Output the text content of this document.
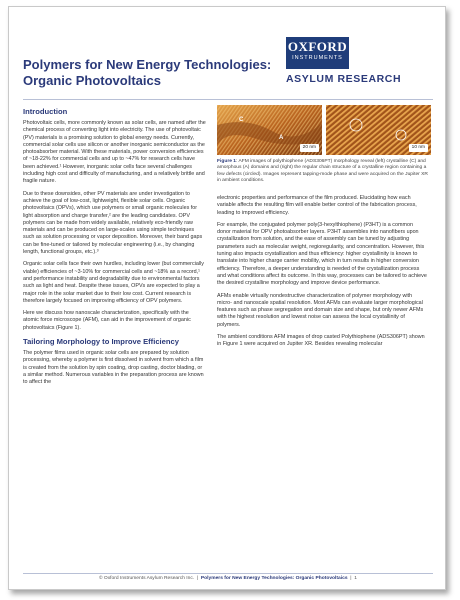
Polymers for New Energy Technologies: Organic Photovoltaics
OXFORD
INSTRUMENTS
ASYLUM RESEARCH
Introduction

Photovoltaic cells, more commonly known as solar cells, are named after the chemical process of converting light into electricity. The use of photovoltaic (PV) materials is a promising solution to global energy needs. Currently, commercial solar cells use silicon or another inorganic semiconductor as the photoabsorber material. With these materials, power conversion efficiencies of ~18-22% for commercial cells and up to ~47% for research cells have been achieved.¹ However, inorganic solar cells face several challenges including high cost and difficulty of manufacturing, and a relatively brittle and fragile nature.

Due to these downsides, other PV materials are under investigation to achieve the goal of low-cost, lightweight, flexible solar cells. Organic photovoltaics (OPVs), which use polymers or small organic molecules for light absorption and charge transfer,² are the leading candidates. OPV polymers can be made from widely available, relatively eco-friendly raw materials and can be produced on large-scales using simple techniques such as solution processing or vapor deposition. Moreover, their band gaps can be fine-tuned or tailored by molecular engineering (i.e., by changing length, functional groups, etc.).³

Organic solar cells face their own hurdles, including lower (but commercially viable) efficiencies of ~3-10% for commercial cells and ~18% as a record,¹ and performance instability and degradability due to environmental factors such as light and heat. Despite these issues, OPVs are expected to play a major role in the solar market due to their low cost. Current research is therefore largely focused on improving efficiency of OPV polymers.

Here we discuss how nanoscale characterization, specifically with the atomic force microscope (AFM), can aid in the improvement of organic photovoltaics (Figure 1).

Tailoring Morphology to Improve Efficiency

The polymer films used in organic solar cells are prepared by solution processing, whereby a polymer is first dissolved in solvent from which a film is created from the solution by spin coating, drop casting, doctor blading, or a similar method. Numerous variables in the preparation process are known to affect the

C
A
20 nm	10 nm
Figure 1: AFM images of polythiophene (ADS306PT) morphology reveal (left) crystalline (C) and amorphous (A) domains and (right) the regular chain structure of a crystalline region containing a few defects (circled). Images represent tapping-mode phase and were acquired on the Jupiter XR in ambient conditions.

electronic properties and performance of the film produced. Elucidating how each variable affects the resulting film will enable better control of the fabrication process, leading to improved efficiency.

For example, the conjugated polymer poly(3-hexylthiophene) (P3HT) is a common donor material for OPV photoabsorber layers. P3HT assembles into nanofibers upon crystallization from solution, and the ease of assembly can be tuned by adjusting parameters such as molecular weight, regioregularity, and concentration. However, this tuning also impacts crystallization and thus efficiency: higher crystallinity is known to translate into higher charge carrier mobility, which in turn results in higher conversion efficiency. Therefore, a deeper understanding is needed of the crystallization process and what conditions affect its outcome. In this way, processes can be tailored to achieve the desired crystalline morphology and improve device performance.

AFMs enable virtually nondestructive characterization of polymer morphology with micro- and nanoscale spatial resolution. Most AFMs can evaluate larger morphological features such as phase segregation and domain size and shape, but only newer AFMs with the highest resolution and lowest noise can assess the local crystallinity of polymers.

The ambient conditions AFM images of drop casted Polythiophene (ADS306PT) shown in Figure 1 were acquired on Jupiter XR. Besides revealing molecular

© Oxford Instruments Asylum Research Inc.  |  Polymers for New Energy Technologies: Organic Photovoltaics  |  1
